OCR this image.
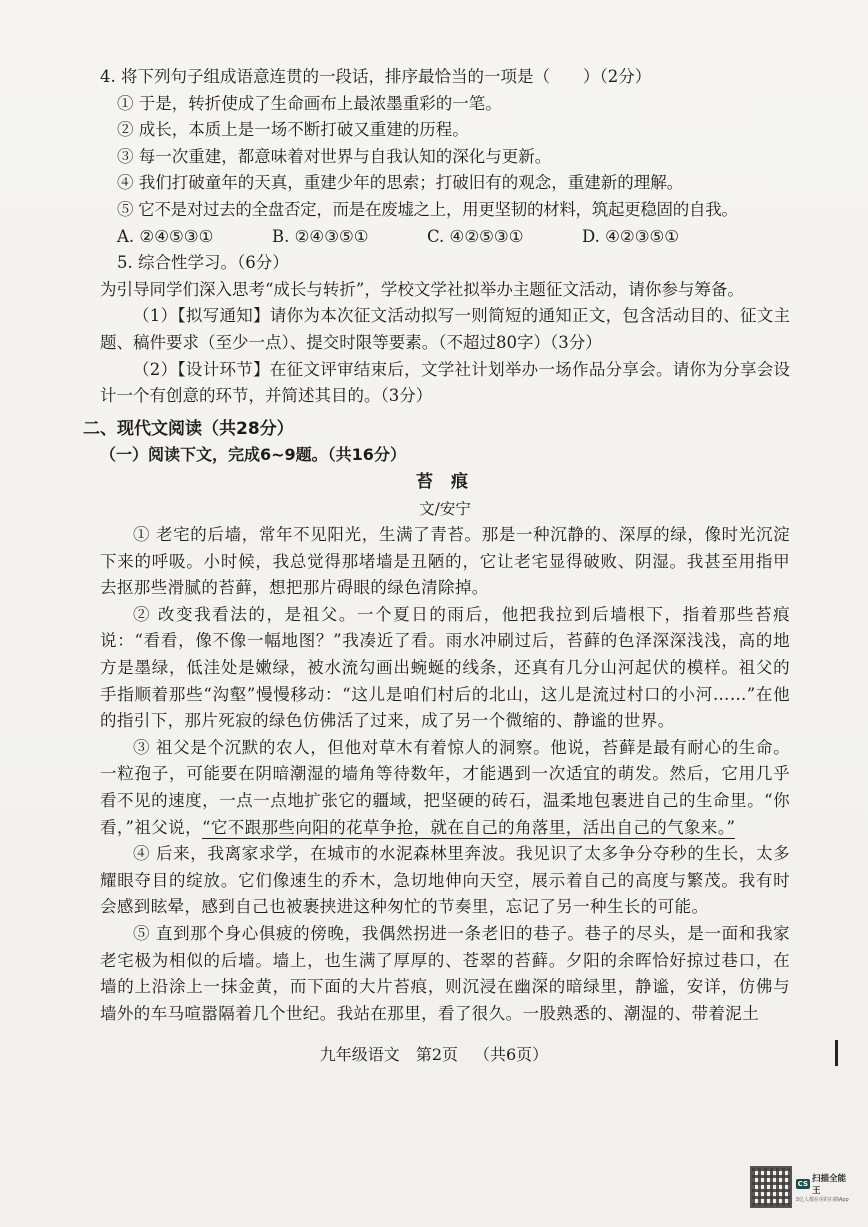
4. 将下列句子组成语意连贯的一段话，排序最恰当的一项是（　　）（2分）
① 于是，转折使成了生命画布上最浓墨重彩的一笔。
② 成长，本质上是一场不断打破又重建的历程。
③ 每一次重建，都意味着对世界与自我认知的深化与更新。
④ 我们打破童年的天真，重建少年的思索；打破旧有的观念，重建新的理解。
⑤ 它不是对过去的全盘否定，而是在废墟之上，用更坚韧的材料，筑起更稳固的自我。
A. ②④⑤③①	B. ②④③⑤①	C. ④②⑤③①	D. ④②③⑤①
5. 综合性学习。（6分）
为引导同学们深入思考“成长与转折”，学校文学社拟举办主题征文活动，请你参与筹备。
（1）【拟写通知】请你为本次征文活动拟写一则简短的通知正文，包含活动目的、征文主题、稿件要求（至少一点）、提交时限等要素。（不超过80字）（3分）
（2）【设计环节】在征文评审结束后，文学社计划举办一场作品分享会。请你为分享会设计一个有创意的环节，并简述其目的。（3分）
二、现代文阅读（共28分）
（一）阅读下文，完成6~9题。（共16分）
苔 痕
文/安宁
① 老宅的后墙，常年不见阳光，生满了青苔。那是一种沉静的、深厚的绿，像时光沉淀下来的呼吸。小时候，我总觉得那堵墙是丑陋的，它让老宅显得破败、阴湿。我甚至用指甲去抠那些滑腻的苔藓，想把那片碍眼的绿色清除掉。
② 改变我看法的，是祖父。一个夏日的雨后，他把我拉到后墙根下，指着那些苔痕说：“看看，像不像一幅地图？”我凑近了看。雨水冲刷过后，苔藓的色泽深深浅浅，高的地方是墨绿，低洼处是嫩绿，被水流勾画出蜿蜒的线条，还真有几分山河起伏的模样。祖父的手指顺着那些“沟壑”慢慢移动：“这儿是咱们村后的北山，这儿是流过村口的小河……”在他的指引下，那片死寂的绿色仿佛活了过来，成了另一个微缩的、静谧的世界。
③ 祖父是个沉默的农人，但他对草木有着惊人的洞察。他说，苔藓是最有耐心的生命。一粒孢子，可能要在阴暗潮湿的墙角等待数年，才能遇到一次适宜的萌发。然后，它用几乎看不见的速度，一点一点地扩张它的疆域，把坚硬的砖石，温柔地包裹进自己的生命里。“你看，”祖父说，“它不跟那些向阳的花草争抢，就在自己的角落里，活出自己的气象来。”
④ 后来，我离家求学，在城市的水泥森林里奔波。我见识了太多争分夺秒的生长，太多耀眼夺目的绽放。它们像速生的乔木，急切地伸向天空，展示着自己的高度与繁茂。我有时会感到眩晕，感到自己也被裹挟进这种匆忙的节奏里，忘记了另一种生长的可能。
⑤ 直到那个身心俱疲的傍晚，我偶然拐进一条老旧的巷子。巷子的尽头，是一面和我家老宅极为相似的后墙。墙上，也生满了厚厚的、苍翠的苔藓。夕阳的余晖恰好掠过巷口，在墙的上沿涂上一抹金黄，而下面的大片苔痕，则沉浸在幽深的暗绿里，静谧，安详，仿佛与墙外的车马喧嚣隔着几个世纪。我站在那里，看了很久。一股熟悉的、潮湿的、带着泥土
九年级语文 第2页 （共6页）
CS 扫描全能王
3亿人都在用的扫描App
